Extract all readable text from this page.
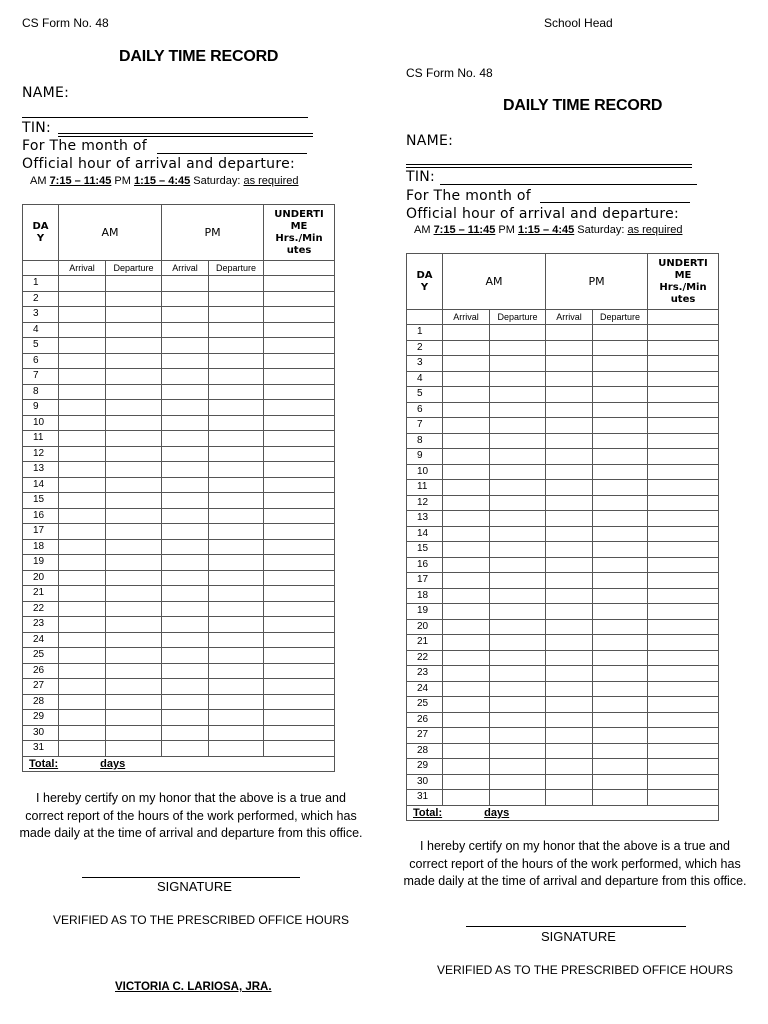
School Head
CS Form No. 48
DAILY TIME RECORD
NAME:
TIN:
For The month of
Official hour of arrival and departure:
AM 7:15 – 11:45 PM 1:15 – 4:45 Saturday: as required
DA
Y	AM		PM		UNDERTI
ME
Hrs./Min
utes
	Arrival	Departure	Arrival	Departure	
1					
2					
3					
4					
5					
6					
7					
8					
9					
10					
11					
12					
13					
14					
15					
16					
17					
18					
19					
20					
21					
22					
23					
24					
25					
26					
27					
28					
29					
30					
31					
Total: days					
I hereby certify on my honor that the above is a true and correct report of the hours of the work performed, which has made daily at the time of arrival and departure from this office.
SIGNATURE
VERIFIED AS TO THE PRESCRIBED OFFICE HOURS
VICTORIA C. LARIOSA, JRA.
CS Form No. 48
DAILY TIME RECORD
NAME:
TIN:
For The month of
Official hour of arrival and departure:
AM 7:15 – 11:45 PM 1:15 – 4:45 Saturday: as required
DA
Y	AM		PM		UNDERTI
ME
Hrs./Min
utes
	Arrival	Departure	Arrival	Departure	
1					
2					
3					
4					
5					
6					
7					
8					
9					
10					
11					
12					
13					
14					
15					
16					
17					
18					
19					
20					
21					
22					
23					
24					
25					
26					
27					
28					
29					
30					
31					
Total: days					
I hereby certify on my honor that the above is a true and correct report of the hours of the work performed, which has made daily at the time of arrival and departure from this office.
SIGNATURE
VERIFIED AS TO THE PRESCRIBED OFFICE HOURS
